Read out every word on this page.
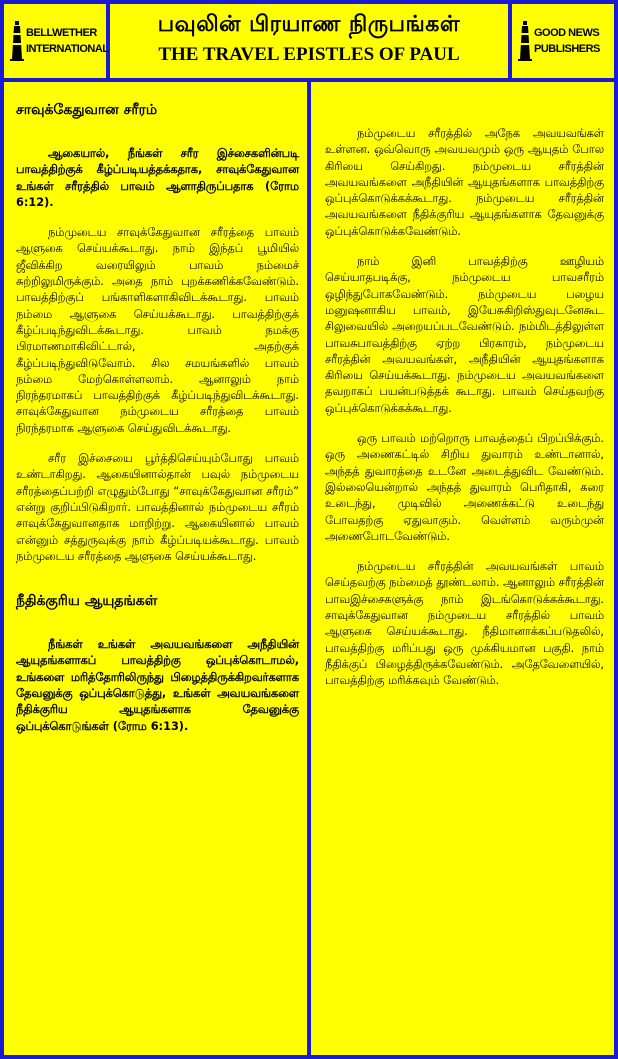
BELLWETHER
INTERNATIONAL
பவுலின் பிரயாண நிருபங்கள்
THE TRAVEL EPISTLES OF PAUL
GOOD NEWS
PUBLISHERS
சாவுக்கேதுவான சரீரம்

ஆகையால், நீங்கள் சரீர இச்சைகளின்படி பாவத்திற்குக் கீழ்ப்படியத்தக்கதாக, சாவுக்கேதுவான உங்கள் சரீரத்தில் பாவம் ஆளாதிருப்பதாக (ரோம 6:12).

நம்முடைய சாவுக்கேதுவான சரீரத்தை பாவம் ஆளுகை செய்யக்கூடாது. நாம் இந்தப் பூமியில் ஜீவிக்கிற வரையிலும் பாவம் நம்மைச் சுற்றிலுமிருக்கும். அதை நாம் புறக்கணிக்கவேண்டும். பாவத்திற்குப் பங்காளிகளாகிவிடக்கூடாது. பாவம் நம்மை ஆளுகை செய்யக்கூடாது. பாவத்திற்குக் கீழ்ப்படிந்துவிடக்கூடாது. பாவம் நமக்கு பிரமாணமாகிவிட்டால், அதற்குக் கீழ்ப்படிந்துவிடுவோம். சில சமயங்களில் பாவம் நம்மை மேற்கொள்ளலாம். ஆனாலும் நாம் நிரந்தரமாகப் பாவத்திற்குக் கீழ்ப்படிந்துவிடக்கூடாது. சாவுக்கேதுவான நம்முடைய சரீரத்தை பாவம் நிரந்தரமாக ஆளுகை செய்துவிடக்கூடாது.

சரீர இச்சையை பூர்த்திசெய்யும்போது பாவம் உண்டாகிறது. ஆகையினால்தான் பவுல் நம்முடைய சரீரத்தைப்பற்றி எழுதும்போது “சாவுக்கேதுவான சரீரம்” என்று குறிப்பிடுகிறார். பாவத்தினால் நம்முடைய சரீரம் சாவுக்கேதுவானதாக மாறிற்று. ஆகையினால் பாவம் என்னும் சத்துருவுக்கு நாம் கீழ்ப்படியக்கூடாது. பாவம் நம்முடைய சரீரத்தை ஆளுகை செய்யக்கூடாது.

நீதிக்குரிய ஆயுதங்கள்

நீங்கள் உங்கள் அவயவங்களை அநீதியின் ஆயுதங்களாகப் பாவத்திற்கு ஒப்புக்கொடாமல், உங்களை மரித்தோரிலிருந்து பிழைத்திருக்கிறவர்களாக தேவனுக்கு ஒப்புக்கொடுத்து, உங்கள் அவயவங்களை நீதிக்குரிய ஆயுதங்களாக தேவனுக்கு ஒப்புக்கொடுங்கள் (ரோம 6:13).

நம்முடைய சரீரத்தில் அநேக அவயவங்கள் உள்ளன. ஒவ்வொரு அவயவமும் ஒரு ஆயுதம் போல கிரியை செய்கிறது. நம்முடைய சரீரத்தின் அவயவங்களை அநீதியின் ஆயுதங்களாக பாவத்திற்கு ஒப்புக்கொடுக்கக்கூடாது. நம்முடைய சரீரத்தின் அவயவங்களை நீதிக்குரிய ஆயுதங்களாக தேவனுக்கு ஒப்புக்கொடுக்கவேண்டும்.

நாம் இனி பாவத்திற்கு ஊழியம் செய்யாதபடிக்கு, நம்முடைய பாவசரீரம் ஒழிந்துபோகவேண்டும். நம்முடைய பழைய மனுஷனாகிய பாவம், இயேசுகிறிஸ்துவுடனேகூட சிலுவையில் அறையப்படவேண்டும். நம்மிடத்திலுள்ள பாவசுபாவத்திற்கு ஏற்ற பிரகாரம், நம்முடைய சரீரத்தின் அவயவங்கள், அநீதியின் ஆயுதங்களாக கிரியை செய்யக்கூடாது. நம்முடைய அவயவங்களை தவறாகப் பயன்படுத்தக் கூடாது. பாவம் செய்தவற்கு ஒப்புக்கொடுக்கக்கூடாது.

ஒரு பாவம் மற்றொரு பாவத்தைப் பிறப்பிக்கும். ஒரு அணைகட்டில் சிறிய துவாரம் உண்டானால், அந்தத் துவாரத்தை உடனே அடைத்துவிட வேண்டும். இல்லையென்றால் அந்தத் துவாரம் பெரிதாகி, கரை உடைந்து, முடிவில் அணைக்கட்டு உடைந்து போவதற்கு ஏதுவாகும். வெள்ளம் வரும்முன் அணைபோடவேண்டும்.

நம்முடைய சரீரத்தின் அவயவங்கள் பாவம் செய்தவற்கு நம்மைத் தூண்டலாம். ஆனாலும் சரீரத்தின் பாவஇச்சைகளுக்கு நாம் இடங்கொடுக்கக்கூடாது. சாவுக்கேதுவான நம்முடைய சரீரத்தில் பாவம் ஆளுகை செய்யக்கூடாது. நீதிமானாக்கப்படுதலில், பாவத்திற்கு மரிப்பது ஒரு முக்கியமான பகுதி. நாம் நீதிக்குப் பிழைத்திருக்கவேண்டும். அதேவேளையில், பாவத்திற்கு மரிக்கவும் வேண்டும்.
